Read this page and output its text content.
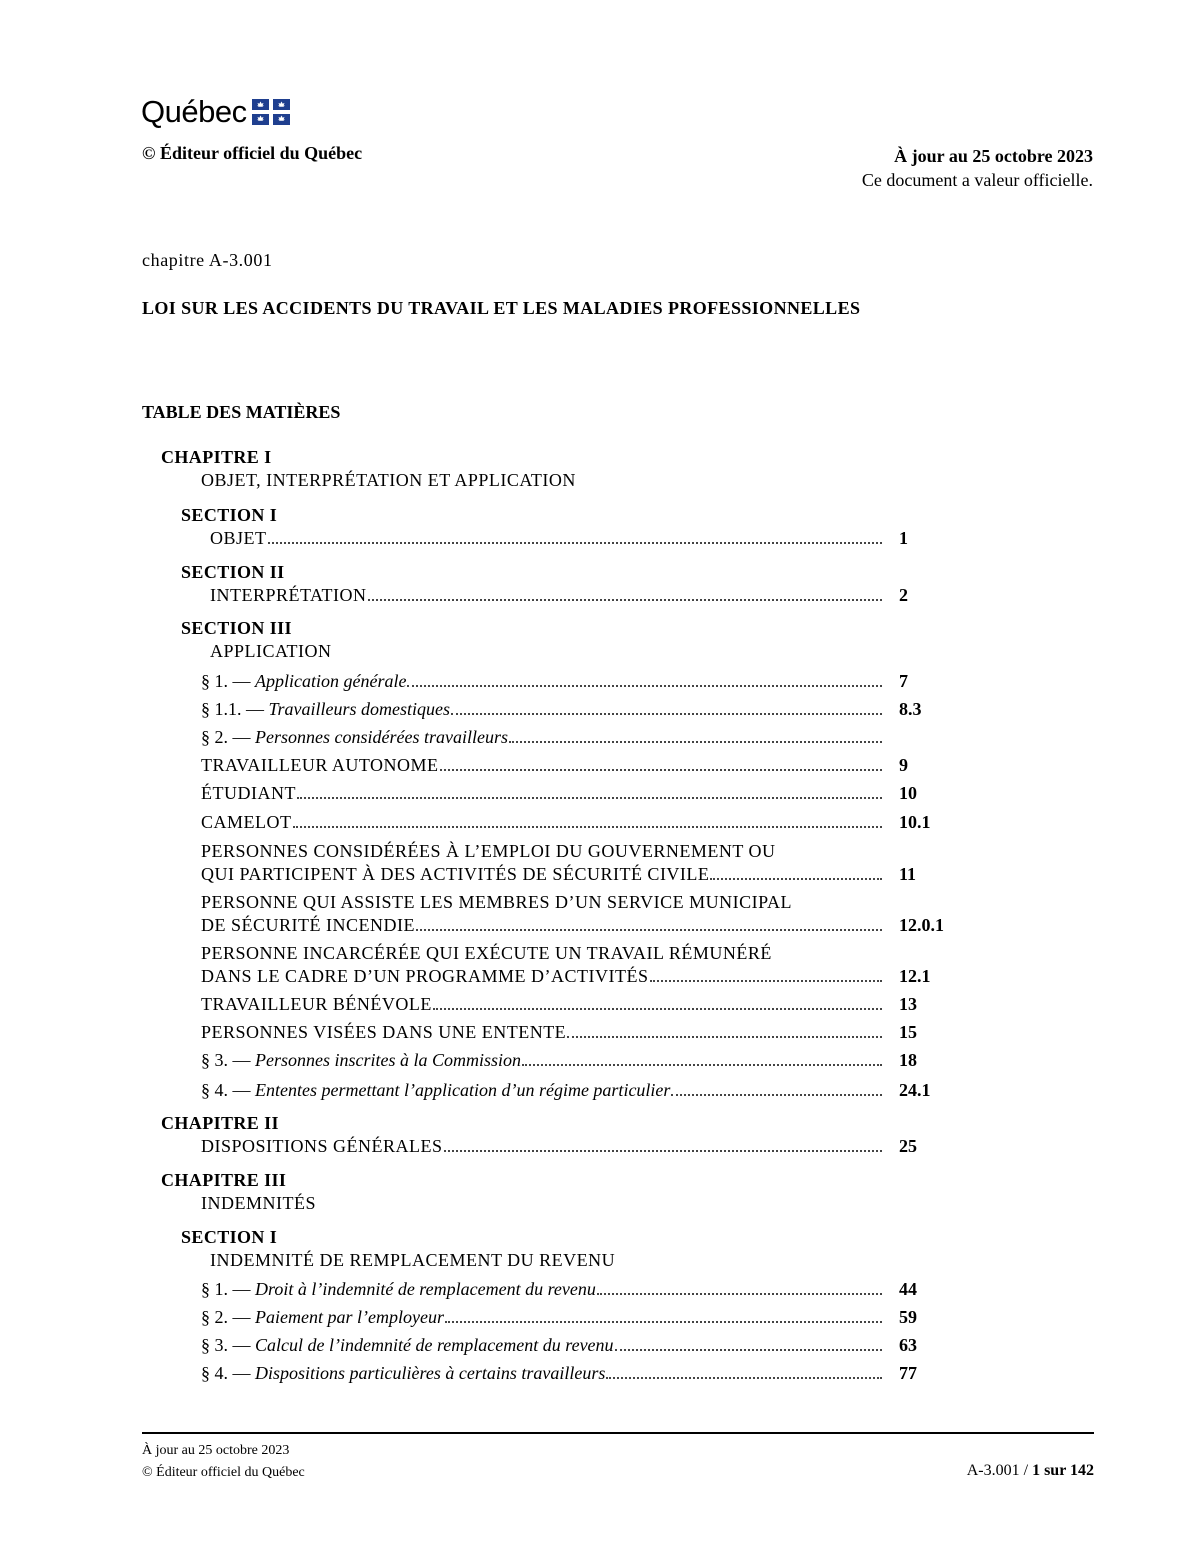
Québec
© Éditeur officiel du Québec	À jour au 25 octobre 2023
Ce document a valeur officielle.
chapitre A-3.001
LOI SUR LES ACCIDENTS DU TRAVAIL ET LES MALADIES PROFESSIONNELLES
TABLE DES MATIÈRES
CHAPITRE I
OBJET, INTERPRÉTATION ET APPLICATION
SECTION I
OBJET	1
SECTION II
INTERPRÉTATION	2
SECTION III
APPLICATION
§ 1. — Application générale	7
§ 1.1. — Travailleurs domestiques	8.3
§ 2. — Personnes considérées travailleurs
TRAVAILLEUR AUTONOME	9
ÉTUDIANT	10
CAMELOT	10.1
PERSONNES CONSIDÉRÉES À L’EMPLOI DU GOUVERNEMENT OU
QUI PARTICIPENT À DES ACTIVITÉS DE SÉCURITÉ CIVILE	11
PERSONNE QUI ASSISTE LES MEMBRES D’UN SERVICE MUNICIPAL
DE SÉCURITÉ INCENDIE	12.0.1
PERSONNE INCARCÉRÉE QUI EXÉCUTE UN TRAVAIL RÉMUNÉRÉ
DANS LE CADRE D’UN PROGRAMME D’ACTIVITÉS	12.1
TRAVAILLEUR BÉNÉVOLE	13
PERSONNES VISÉES DANS UNE ENTENTE	15
§ 3. — Personnes inscrites à la Commission	18
§ 4. — Ententes permettant l’application d’un régime particulier	24.1
CHAPITRE II
DISPOSITIONS GÉNÉRALES	25
CHAPITRE III
INDEMNITÉS
SECTION I
INDEMNITÉ DE REMPLACEMENT DU REVENU
§ 1. — Droit à l’indemnité de remplacement du revenu	44
§ 2. — Paiement par l’employeur	59
§ 3. — Calcul de l’indemnité de remplacement du revenu	63
§ 4. — Dispositions particulières à certains travailleurs	77
À jour au 25 octobre 2023
© Éditeur officiel du Québec	A-3.001 / 1 sur 142
